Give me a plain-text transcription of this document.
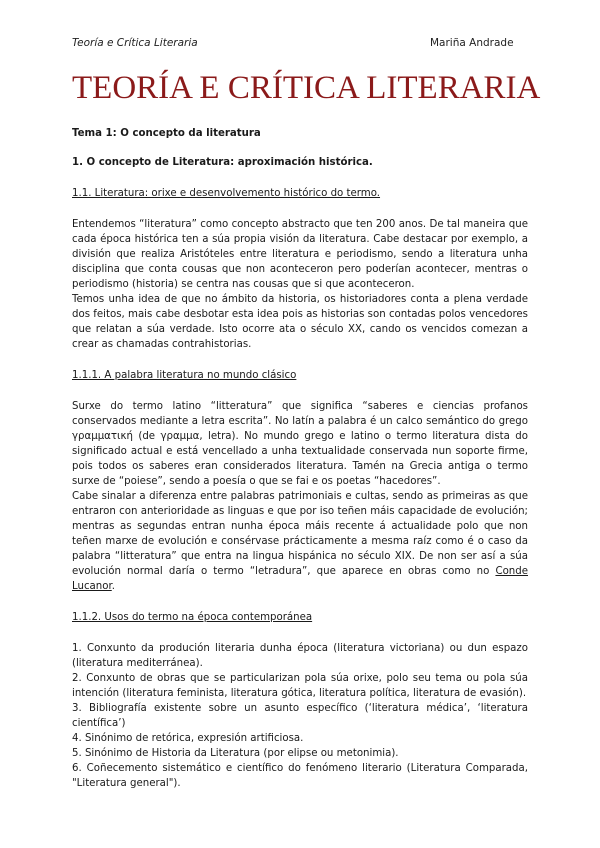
Teoría e Crítica Literaria	Mariña Andrade
TEORÍA E CRÍTICA LITERARIA

Tema 1: O concepto da literatura

1. O concepto de Literatura: aproximación histórica.

1.1. Literatura: orixe e desenvolvemento histórico do termo.

Entendemos “literatura” como concepto abstracto que ten 200 anos. De tal maneira que cada época histórica ten a súa propia visión da literatura. Cabe destacar por exemplo, a división que realiza Aristóteles entre literatura e periodismo, sendo a literatura unha disciplina que conta cousas que non aconteceron pero poderían acontecer, mentras o periodismo (historia) se centra nas cousas que si que aconteceron.

Temos unha idea de que no ámbito da historia, os historiadores conta a plena verdade dos feitos, mais cabe desbotar esta idea pois as historias son contadas polos vencedores que relatan a súa verdade. Isto ocorre ata o século XX, cando os vencidos comezan a crear as chamadas contrahistorias.

1.1.1. A palabra literatura no mundo clásico

Surxe do termo latino “litteratura” que significa “saberes e ciencias profanos conservados mediante a letra escrita”. No latín a palabra é un calco semántico do grego γραμματική (de γραμμα, letra). No mundo grego e latino o termo literatura dista do significado actual e está vencellado a unha textualidade conservada nun soporte firme, pois todos os saberes eran considerados literatura. Tamén na Grecia antiga o termo surxe de “poiese”, sendo a poesía o que se fai e os poetas “hacedores”.

Cabe sinalar a diferenza entre palabras patrimoniais e cultas, sendo as primeiras as que entraron con anterioridade as linguas e que por iso teñen máis capacidade de evolución; mentras as segundas entran nunha época máis recente á actualidade polo que non teñen marxe de evolución e consérvase prácticamente a mesma raíz como é o caso da palabra “litteratura” que entra na lingua hispánica no século XIX. De non ser así a súa evolución normal daría o termo “letradura”, que aparece en obras como no Conde Lucanor.

1.1.2. Usos do termo na época contemporánea

1. Conxunto da produción literaria dunha época (literatura victoriana) ou dun espazo (literatura mediterránea).

2. Conxunto de obras que se particularizan pola súa orixe, polo seu tema ou pola súa intención (literatura feminista, literatura gótica, literatura política, literatura de evasión).

3. Bibliografía existente sobre un asunto específico (‘literatura médica’, ‘literatura científica’)

4. Sinónimo de retórica, expresión artificiosa.

5. Sinónimo de Historia da Literatura (por elipse ou metonimia).

6. Coñecemento sistemático e científico do fenómeno literario (Literatura Comparada, "Literatura general").
